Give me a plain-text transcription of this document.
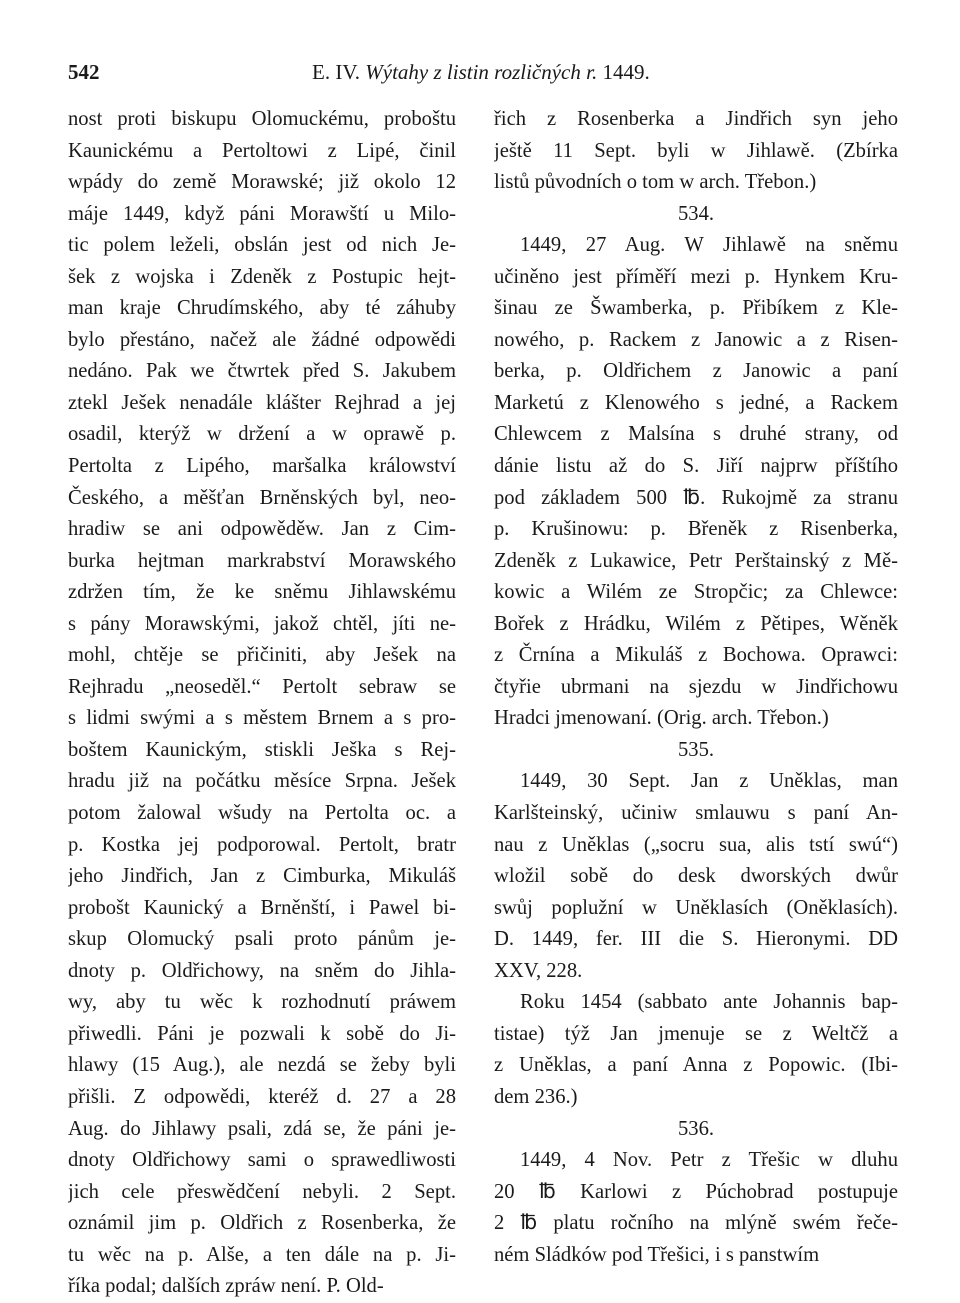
542	E. IV. Wýtahy z listin rozličných r. 1449.
nost proti biskupu Olomuckému, proboštu
Kaunickému a Pertoltowi z Lipé, činil
wpády do země Morawské; již okolo 12
máje 1449, když páni Morawští u Milo-
tic polem leželi, obslán jest od nich Je-
šek z wojska i Zdeněk z Postupic hejt-
man kraje Chrudímského, aby té záhuby
bylo přestáno, načež ale žádné odpowědi
nedáno. Pak we čtwrtek před S. Jakubem
ztekl Ješek nenadále klášter Rejhrad a jej
osadil, kterýž w držení a w oprawě p.
Pertolta z Lipého, maršalka králowství
Českého, a měšťan Brněnských byl, neo-
hradiw se ani odpowěděw. Jan z Cim-
burka hejtman markrabství Morawského
zdržen tím, že ke sněmu Jihlawskému
s pány Morawskými, jakož chtěl, jíti ne-
mohl, chtěje se přičiniti, aby Ješek na
Rejhradu „neoseděl.“ Pertolt sebraw se
s lidmi swými a s městem Brnem a s pro-
boštem Kaunickým, stiskli Ješka s Rej-
hradu již na počátku měsíce Srpna. Ješek
potom žalowal wšudy na Pertolta oc. a
p. Kostka jej podporowal. Pertolt, bratr
jeho Jindřich, Jan z Cimburka, Mikuláš
probošt Kaunický a Brněnští, i Pawel bi-
skup Olomucký psali proto pánům je-
dnoty p. Oldřichowy, na sněm do Jihla-
wy, aby tu wěc k rozhodnutí práwem
přiwedli. Páni je pozwali k sobě do Ji-
hlawy (15 Aug.), ale nezdá se žeby byli
přišli. Z odpowědi, kteréž d. 27 a 28
Aug. do Jihlawy psali, zdá se, že páni je-
dnoty Oldřichowy sami o sprawedliwosti
jich cele přeswědčení nebyli. 2 Sept.
oznámil jim p. Oldřich z Rosenberka, že
tu wěc na p. Alše, a ten dále na p. Ji-
říka podal; dalších zpráw není. P. Old-
řich z Rosenberka a Jindřich syn jeho
ještě 11 Sept. byli w Jihlawě. (Zbírka
listů původních o tom w arch. Třebon.)
534.
1449, 27 Aug. W Jihlawě na sněmu
učiněno jest příměří mezi p. Hynkem Kru-
šinau ze Šwamberka, p. Přibíkem z Kle-
nowého, p. Rackem z Janowic a z Risen-
berka, p. Oldřichem z Janowic a paní
Marketú z Klenowého s jedné, a Rackem
Chlewcem z Malsína s druhé strany, od
dánie listu až do S. Jiří najprw příštího
pod základem 500 ℔. Rukojmě za stranu
p. Krušinowu: p. Břeněk z Risenberka,
Zdeněk z Lukawice, Petr Perštainský z Mě-
kowic a Wilém ze Stropčic; za Chlewce:
Bořek z Hrádku, Wilém z Pětipes, Wěněk
z Črnína a Mikuláš z Bochowa. Oprawci:
čtyřie ubrmani na sjezdu w Jindřichowu
Hradci jmenowaní. (Orig. arch. Třebon.)
535.
1449, 30 Sept. Jan z Uněklas, man
Karlšteinský, učiniw smlauwu s paní An-
nau z Uněklas („socru sua, alis tstí swú“)
wložil sobě do desk dworských dwůr
swůj poplužní w Uněklasích (Oněklasích).
D. 1449, fer. III die S. Hieronymi. DD
XXV, 228.
Roku 1454 (sabbato ante Johannis bap-
tistae) týž Jan jmenuje se z Weltčž a
z Uněklas, a paní Anna z Popowic. (Ibi-
dem 236.)
536.
1449, 4 Nov. Petr z Třešic w dluhu
20 ℔ Karlowi z Púchobrad postupuje
2 ℔ platu ročního na mlýně swém řeče-
ném Sládków pod Třešici, i s panstwím
